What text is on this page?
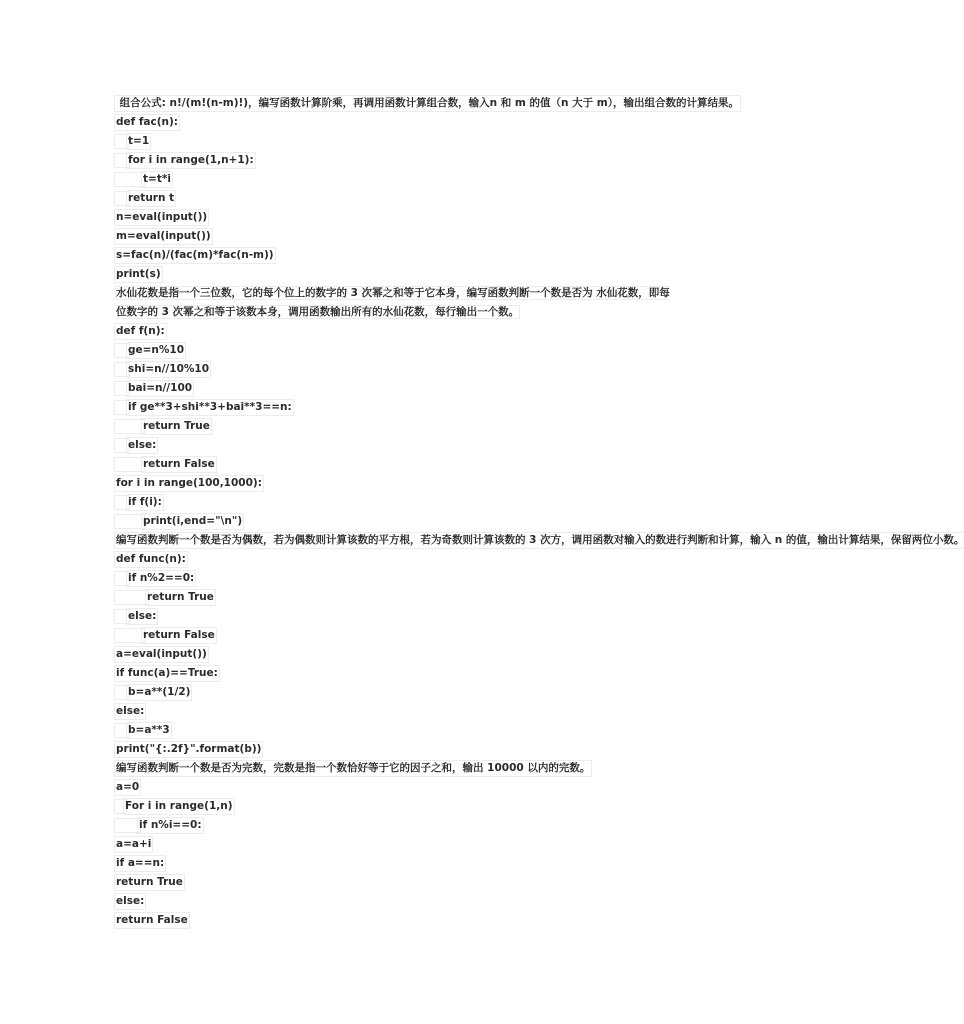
组合公式: n!/(m!(n-m)!)，编写函数计算阶乘，再调用函数计算组合数，输入n 和 m 的值（n 大于 m），输出组合数的计算结果。
def fac(n):
t=1
for i in range(1,n+1):
t=t*i
return t
n=eval(input())
m=eval(input())
s=fac(n)/(fac(m)*fac(n-m))
print(s)
水仙花数是指一个三位数，它的每个位上的数字的 3 次幂之和等于它本身，编写函数判断一个数是否为 水仙花数，即每位数字的 3 次幂之和等于该数本身，调用函数输出所有的水仙花数，每行输出一个数。
def f(n):
ge=n%10
shi=n//10%10
bai=n//100
if ge**3+shi**3+bai**3==n:
return True
else:
return False
for i in range(100,1000):
if f(i):
print(i,end="\n")
编写函数判断一个数是否为偶数，若为偶数则计算该数的平方根，若为奇数则计算该数的 3 次方，调用函数对输入的数进行判断和计算，输入 n 的值，输出计算结果，保留两位小数。
def func(n):
if n%2==0:
return True
else:
return False
a=eval(input())
if func(a)==True:
b=a**(1/2)
else:
b=a**3
print("{:.2f}".format(b))
编写函数判断一个数是否为完数，完数是指一个数恰好等于它的因子之和，输出 10000 以内的完数。
a=0
For i in range(1,n)
if n%i==0:
a=a+i
if a==n:
return True
else:
return False
